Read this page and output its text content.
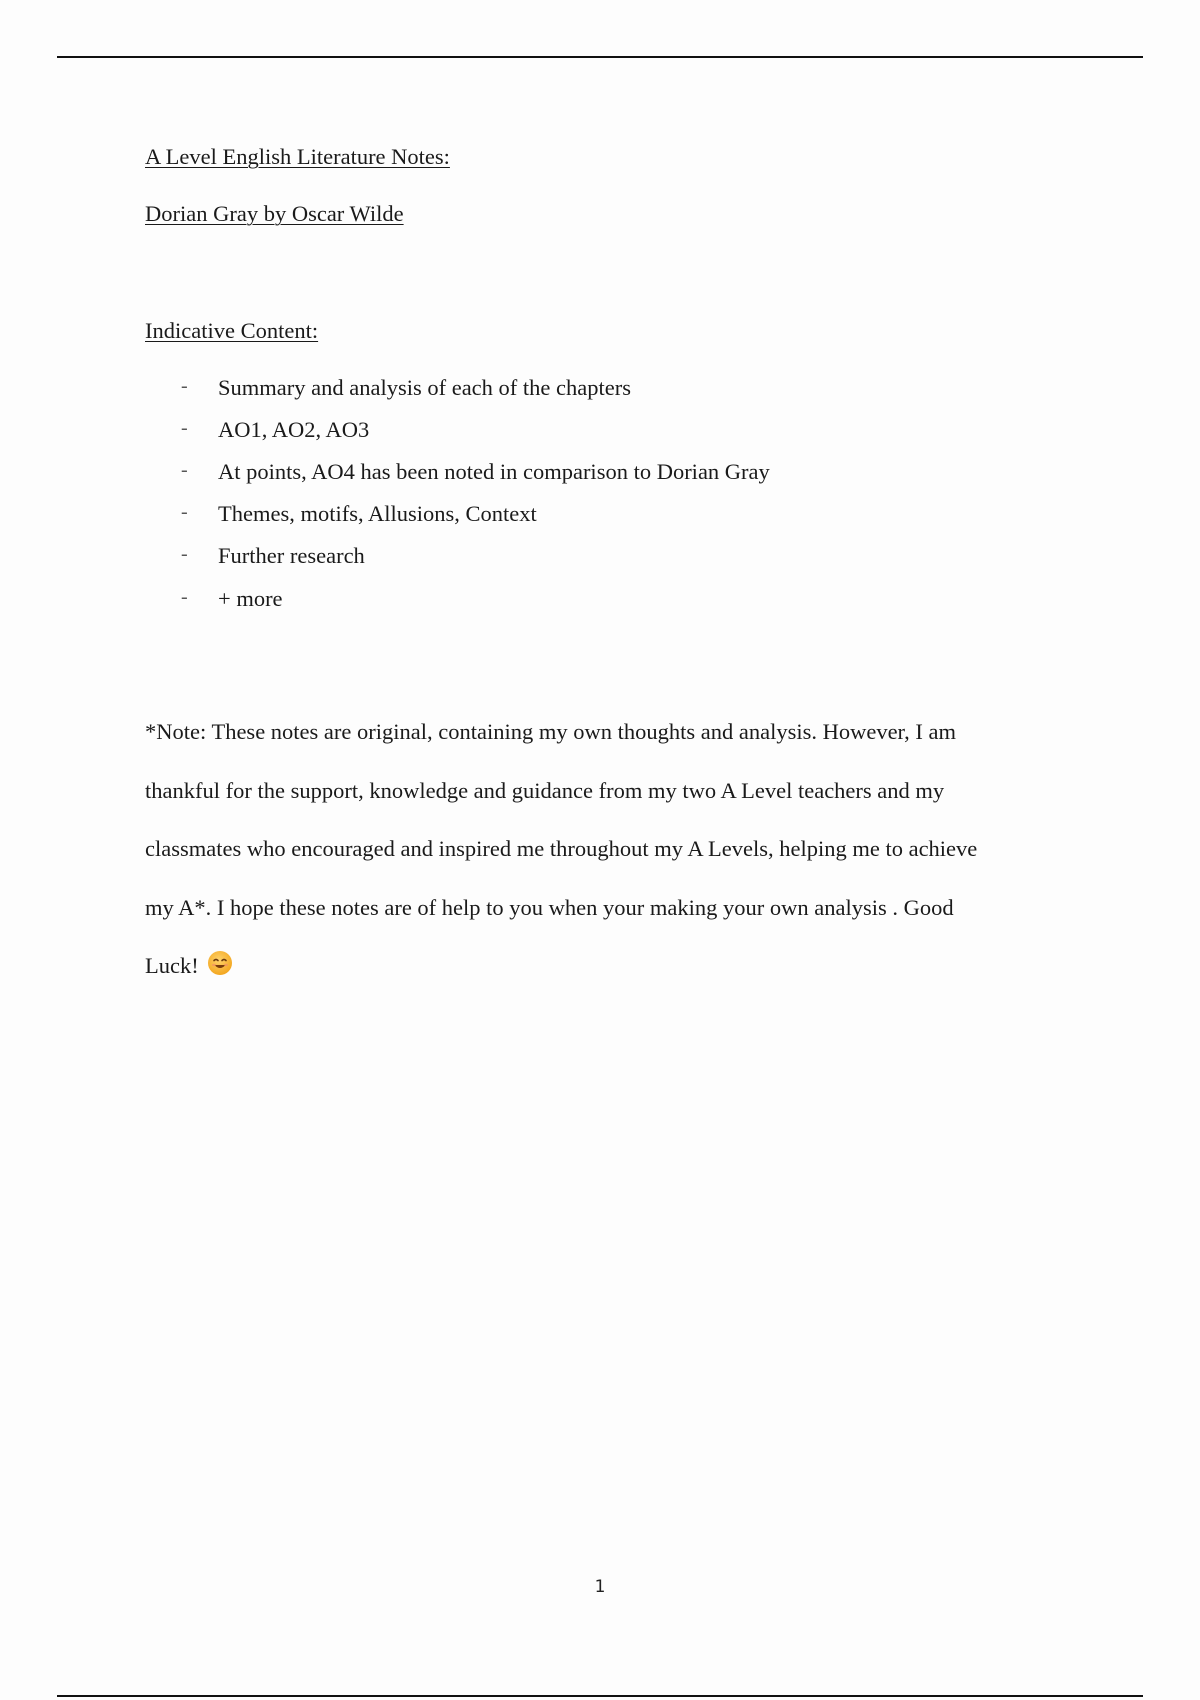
A Level English Literature Notes:
Dorian Gray by Oscar Wilde
Indicative Content:
- Summary and analysis of each of the chapters
- AO1, AO2, AO3
- At points, AO4 has been noted in comparison to Dorian Gray
- Themes, motifs, Allusions, Context
- Further research
- + more

*Note: These notes are original, containing my own thoughts and analysis. However, I am
thankful for the support, knowledge and guidance from my two A Level teachers and my
classmates who encouraged and inspired me throughout my A Levels, helping me to achieve
my A*. I hope these notes are of help to you when your making your own analysis . Good
Luck!

1
